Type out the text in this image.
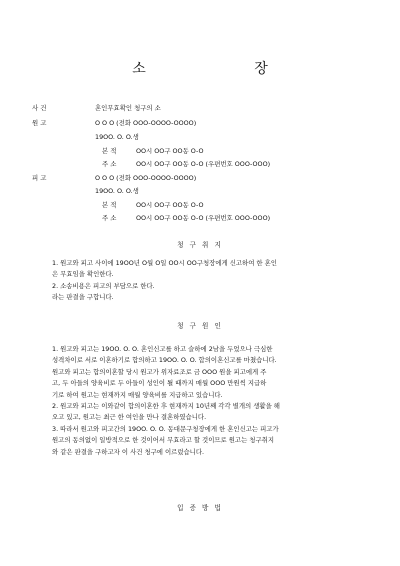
소 장
사 건	혼인무효확인 청구의 소
원 고	O O O (전화 OOO-OOOO-OOOO)
19OO. O. O.생
본 적	OO시 OO구 OO동 O-O
주 소	OO시 OO구 OO동 O-O (우편번호 OOO-OOO)
피 고	O O O (전화 OOO-OOOO-OOOO)
19OO. O. O.생
본 적	OO시 OO구 OO동 O-O
주 소	OO시 OO구 OO동 O-O (우편번호 OOO-OOO)
청 구 취 지
1. 원고와 피고 사이에 19OO년 O월 O일 OO시 OO구청장에게 신고하여 한 혼인
은 무효임을 확인한다.
2. 소송비용은 피고의 부담으로 한다.
라는 판결을 구합니다.
청 구 원 인
1. 원고와 피고는 19OO. O. O. 혼인신고를 하고 슬하에 2남을 두었으나 극심한
성격차이로 서로 이혼하기로 합의하고 19OO. O. O. 합의이혼신고를 마쳤습니다.
원고와 피고는 합의이혼할 당시 원고가 위자료조로 금 OOO 원을 피고에게 주
고, 두 아들의 양육비로 두 아들이 성인이 될 때까지 매월 OOO 만원씩 지급하
기로 하여 원고는 현재까지 매월 양육비를 지급하고 있습니다.
2. 원고와 피고는 이와같이 합의이혼한 후 현재까지 10년째 각각 별개의 생활을 해
오고 있고, 원고는 최근 한 여인을 만나 결혼하였습니다.
3. 따라서 원고와 피고간의 19OO. O. O. 동대문구청장에게 한 혼인신고는 피고가
원고의 동의없이 일방적으로 한 것이어서 무효라고 할 것이므로 원고는 청구취지
와 같은 판결을 구하고자 이 사건 청구에 이르렀습니다.
입 증 방 법
